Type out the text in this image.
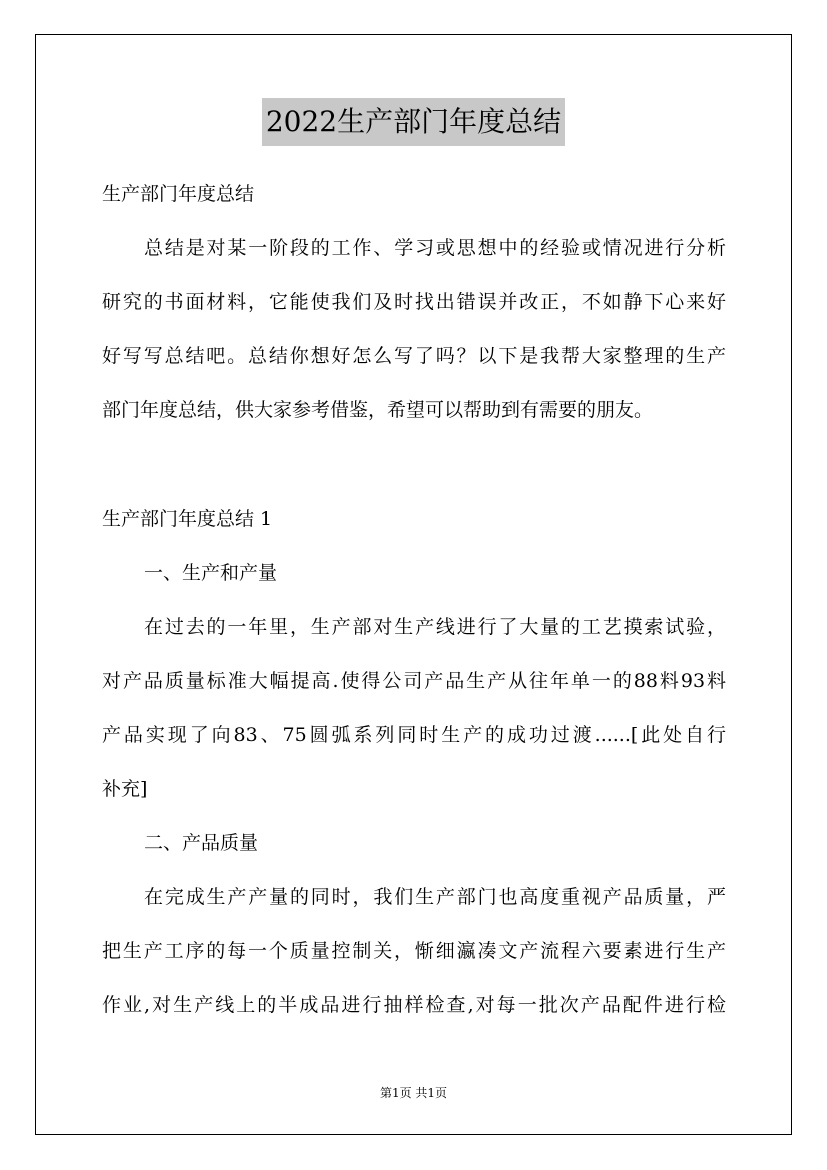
2022生产部门年度总结
生产部门年度总结
总结是对某一阶段的工作、学习或思想中的经验或情况进行分析
研究的书面材料，它能使我们及时找出错误并改正，不如静下心来好
好写写总结吧。总结你想好怎么写了吗？以下是我帮大家整理的生产
部门年度总结，供大家参考借鉴，希望可以帮助到有需要的朋友。
生产部门年度总结 1
一、生产和产量
在过去的一年里，生产部对生产线进行了大量的工艺摸索试验，
对产品质量标准大幅提高.使得公司产品生产从往年单一的88料93料
产品实现了向83、75圆弧系列同时生产的成功过渡......[此处自行
补充]
二、产品质量
在完成生产产量的同时，我们生产部门也高度重视产品质量，严
把生产工序的每一个质量控制关，惭细瀛凑文产流程六要素进行生产
作业,对生产线上的半成品进行抽样检查,对每一批次产品配件进行检
第1页 共1页
